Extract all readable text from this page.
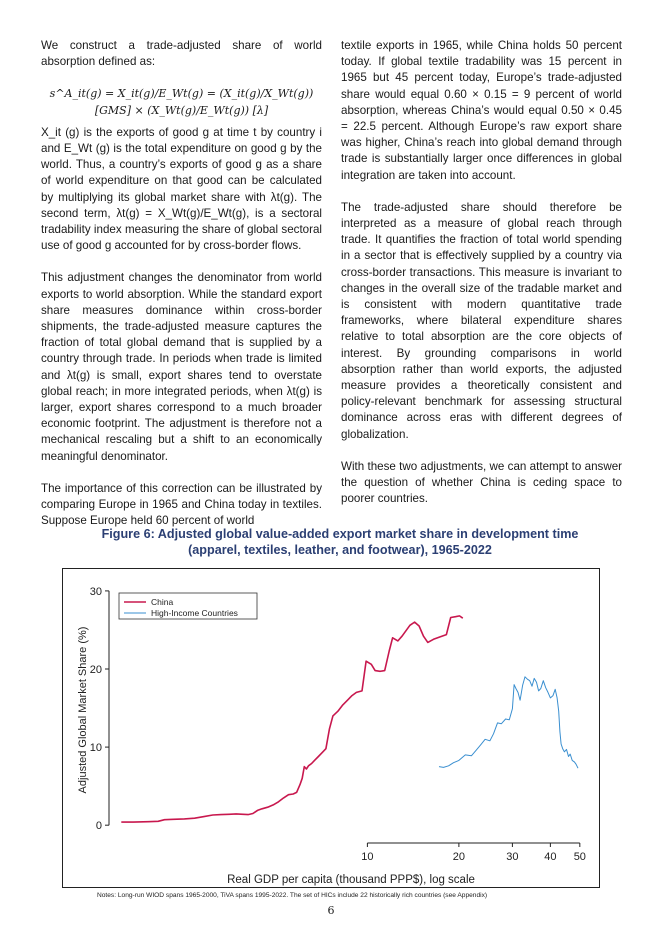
We construct a trade-adjusted share of world absorption defined as:

s^A_it(g) = X_it(g)/E_Wt(g) = (X_it(g)/X_Wt(g)) [GMS] × (X_Wt(g)/E_Wt(g)) [λ]

X_it (g) is the exports of good g at time t by country i and E_Wt (g) is the total expenditure on good g by the world. Thus, a country’s exports of good g as a share of world expenditure on that good can be calculated by multiplying its global market share with λt(g). The second term, λt(g) = X_Wt(g)/E_Wt(g), is a sectoral tradability index measuring the share of global sectoral use of good g accounted for by cross-border flows.

This adjustment changes the denominator from world exports to world absorption. While the standard export share measures dominance within cross-border shipments, the trade-adjusted measure captures the fraction of total global demand that is supplied by a country through trade. In periods when trade is limited and λt(g) is small, export shares tend to overstate global reach; in more integrated periods, when λt(g) is larger, export shares correspond to a much broader economic footprint. The adjustment is therefore not a mechanical rescaling but a shift to an economically meaningful denominator.

The importance of this correction can be illustrated by comparing Europe in 1965 and China today in textiles. Suppose Europe held 60 percent of world

textile exports in 1965, while China holds 50 percent today. If global textile tradability was 15 percent in 1965 but 45 percent today, Europe’s trade-adjusted share would equal 0.60 × 0.15 = 9 percent of world absorption, whereas China’s would equal 0.50 × 0.45 = 22.5 percent. Although Europe’s raw export share was higher, China’s reach into global demand through trade is substantially larger once differences in global integration are taken into account.

The trade-adjusted share should therefore be interpreted as a measure of global reach through trade. It quantifies the fraction of total world spending in a sector that is effectively supplied by a country via cross-border transactions. This measure is invariant to changes in the overall size of the tradable market and is consistent with modern quantitative trade frameworks, where bilateral expenditure shares relative to total absorption are the core objects of interest. By grounding comparisons in world absorption rather than world exports, the adjusted measure provides a theoretically consistent and policy-relevant benchmark for assessing structural dominance across eras with different degrees of globalization.

With these two adjustments, we can attempt to answer the question of whether China is ceding space to poorer countries.

Figure 6: Adjusted global value-added export market share in development time
(apparel, textiles, leather, and footwear), 1965-2022
0
10
20
30
10	20	30 40 50
Adjusted Global Market Share (%)
Real GDP per capita (thousand PPP$), log scale
Notes: Long-run WIOD spans 1965-2000, TiVA spans 1995-2022. The set of HICs include 22 historically rich countries (see Appendix)
China
High-Income Countries
6
